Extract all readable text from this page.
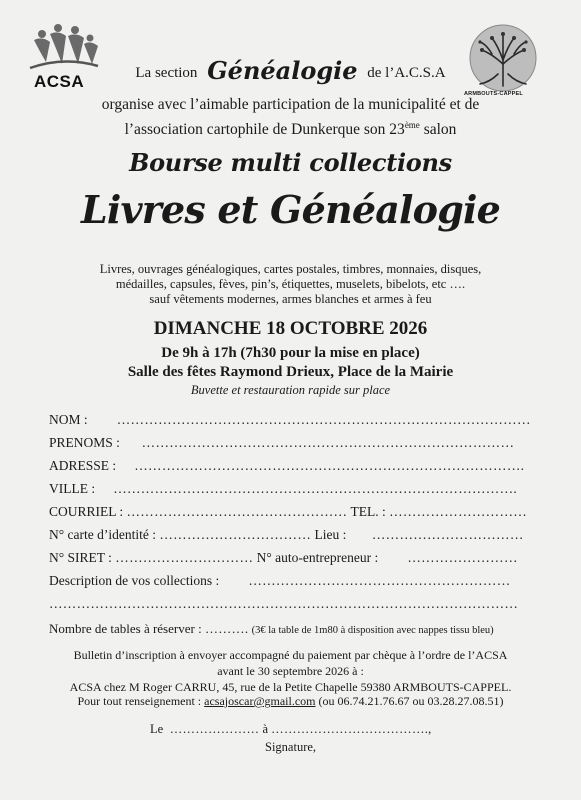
ACSA
ARMBOUTS-CAPPEL
La section Généalogie de l’A.C.S.A
organise avec l’aimable participation de la municipalité et de
l’association cartophile de Dunkerque son 23ème salon
Bourse multi collections
Livres et Généalogie
Livres, ouvrages généalogiques, cartes postales, timbres, monnaies, disques,
médailles, capsules, fèves, pin’s, étiquettes, muselets, bibelots, etc ….
sauf vêtements modernes, armes blanches et armes à feu
DIMANCHE 18 OCTOBRE 2026
De 9h à 17h (7h30 pour la mise en place)
Salle des fêtes Raymond Drieux, Place de la Mairie
Buvette et restauration rapide sur place
NOM :        ………………………………………………………………………………
PRENOMS :      ………………………………………………………………………
ADRESSE :     ………………………………………………………………………….
VILLE :     …………………………………………………………………………….
COURRIEL : ………………………………………… TEL. : …………………………
N° carte d’identité : …………………………… Lieu :       ……………………………
N° SIRET : ………………………… N° auto-entrepreneur :        ……………………
Description de vos collections :        …………………………………………………
…………………………………………………………………………………………
Nombre de tables à réserver : ………. (3€ la table de 1m80 à disposition avec nappes tissu bleu)
Bulletin d’inscription à envoyer accompagné du paiement par chèque à l’ordre de l’ACSA
avant le 30 septembre 2026 à :
ACSA chez M Roger CARRU, 45, rue de la Petite Chapelle 59380 ARMBOUTS-CAPPEL.
Pour tout renseignement : acsajoscar@gmail.com (ou 06.74.21.76.67 ou 03.28.27.08.51)
Le  ………………… à ……………………………….,
Signature,
